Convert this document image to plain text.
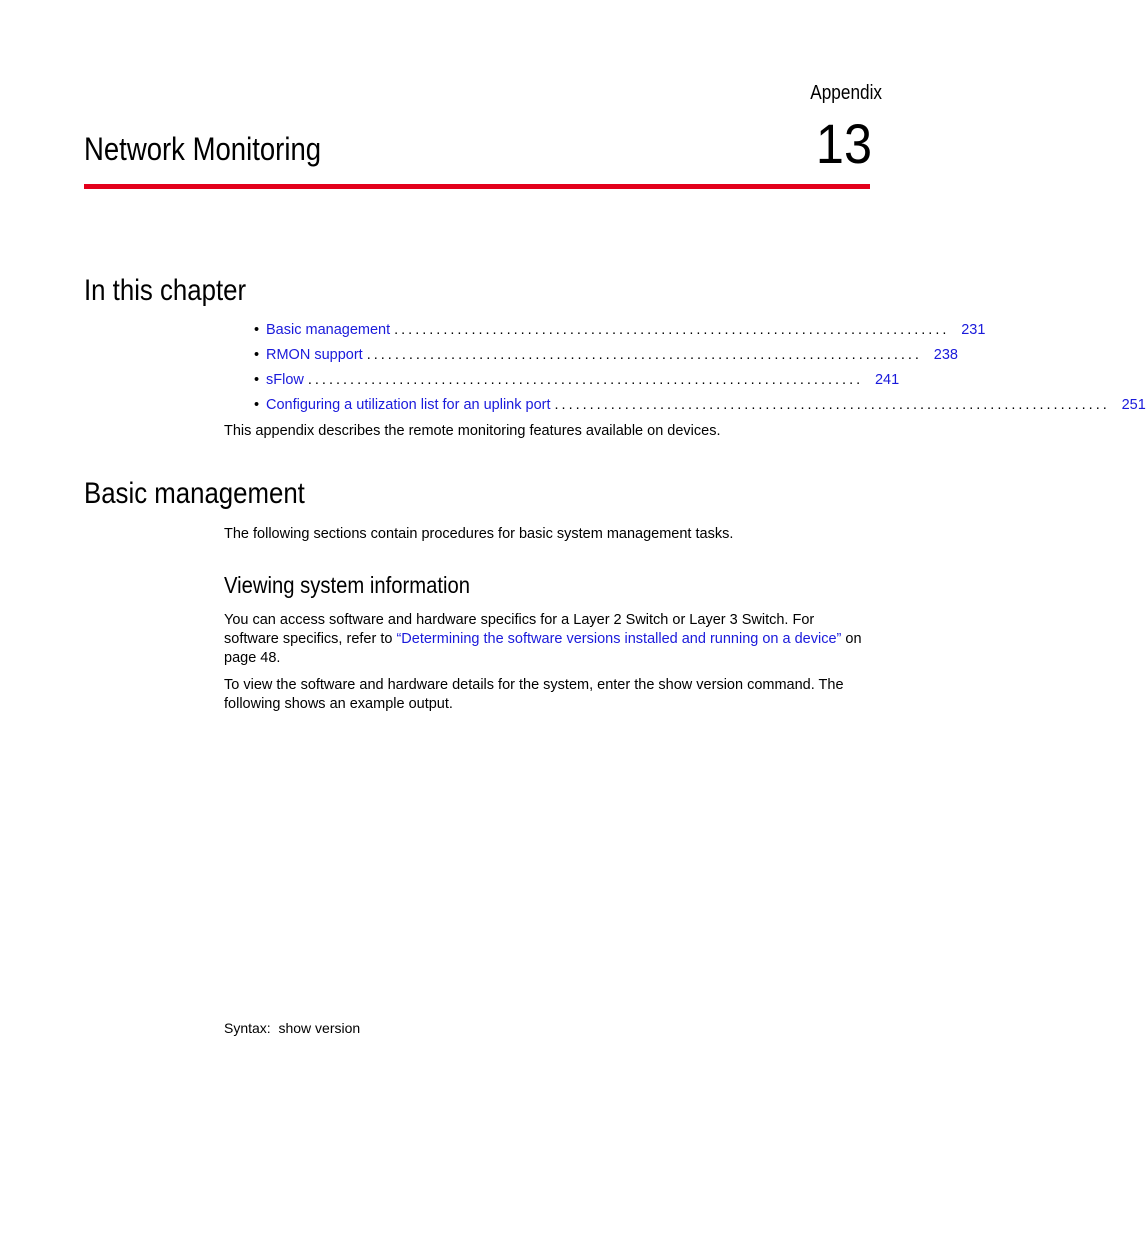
Appendix
13
Network Monitoring
In this chapter
• Basic management ............................................................................... 231
• RMON support ............................................................................... 238
• sFlow ............................................................................... 241
• Configuring a utilization list for an uplink port ............................................................................... 251
This appendix describes the remote monitoring features available on devices.
Basic management
The following sections contain procedures for basic system management tasks.
Viewing system information
You can access software and hardware specifics for a Layer 2 Switch or Layer 3 Switch. For software specifics, refer to “Determining the software versions installed and running on a device” on page 48.
To view the software and hardware details for the system, enter the show version command. The following shows an example output.
Syntax: show version
